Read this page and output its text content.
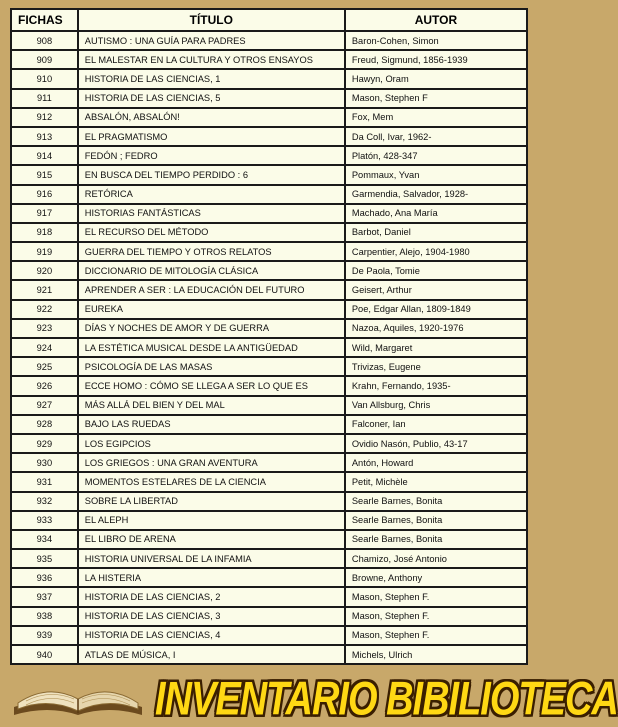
FICHAS	TÍTULO	AUTOR
908	AUTISMO : UNA GUÍA PARA PADRES	Baron-Cohen, Simon
909	EL MALESTAR EN LA CULTURA Y OTROS ENSAYOS	Freud, Sigmund, 1856-1939
910	HISTORIA DE LAS CIENCIAS, 1	Hawyn, Oram
911	HISTORIA DE LAS CIENCIAS, 5	Mason, Stephen F
912	ABSALÓN, ABSALÓN!	Fox, Mem
913	EL PRAGMATISMO	Da Coll, Ivar, 1962-
914	FEDÓN ; FEDRO	Platón, 428-347
915	EN BUSCA DEL TIEMPO PERDIDO : 6	Pommaux, Yvan
916	RETÓRICA	Garmendia, Salvador, 1928-
917	HISTORIAS FANTÁSTICAS	Machado, Ana María
918	EL RECURSO DEL MÉTODO	Barbot, Daniel
919	GUERRA DEL TIEMPO Y OTROS RELATOS	Carpentier, Alejo, 1904-1980
920	DICCIONARIO DE MITOLOGÍA CLÁSICA	De Paola, Tomie
921	APRENDER A SER : LA EDUCACIÓN DEL FUTURO	Geisert, Arthur
922	EUREKA	Poe, Edgar Allan, 1809-1849
923	DÍAS Y NOCHES DE AMOR Y DE GUERRA	Nazoa, Aquiles, 1920-1976
924	LA ESTÉTICA MUSICAL DESDE LA ANTIGÜEDAD	Wild, Margaret
925	PSICOLOGÍA DE LAS MASAS	Trivizas, Eugene
926	ECCE HOMO : CÓMO SE LLEGA A SER LO QUE ES	Krahn, Fernando, 1935-
927	MÁS ALLÁ DEL BIEN Y DEL MAL	Van Allsburg, Chris
928	BAJO LAS RUEDAS	Falconer, Ian
929	LOS EGIPCIOS	Ovidio Nasón, Publio, 43-17
930	LOS GRIEGOS : UNA GRAN AVENTURA	Antón, Howard
931	MOMENTOS ESTELARES DE LA CIENCIA	Petit, Michèle
932	SOBRE LA LIBERTAD	Searle Barnes, Bonita
933	EL ALEPH	Searle Barnes, Bonita
934	EL LIBRO DE ARENA	Searle Barnes, Bonita
935	HISTORIA UNIVERSAL DE LA INFAMIA	Chamizo, José Antonio
936	LA HISTERIA	Browne, Anthony
937	HISTORIA DE LAS CIENCIAS, 2	Mason, Stephen F.
938	HISTORIA DE LAS CIENCIAS, 3	Mason, Stephen F.
939	HISTORIA DE LAS CIENCIAS, 4	Mason, Stephen F.
940	ATLAS DE MÚSICA, I	Michels, Ulrich
INVENTARIO BIBILIOTECA
